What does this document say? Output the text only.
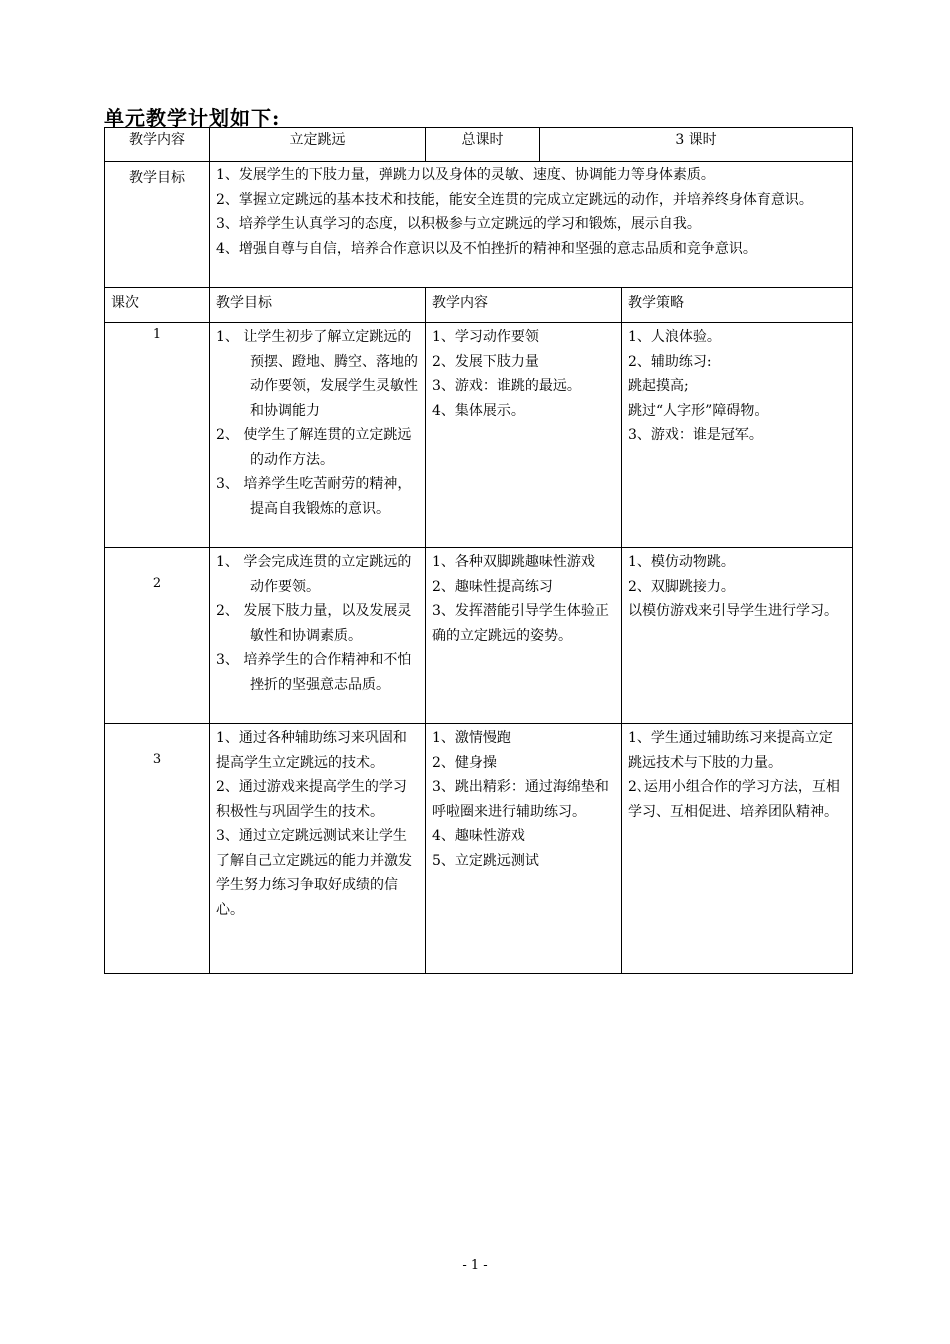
单元教学计划如下:
教学内容	立定跳远	总课时	3 课时	
教学目标	1、发展学生的下肢力量，弹跳力以及身体的灵敏、速度、协调能力等身体素质。
2、掌握立定跳远的基本技术和技能，能安全连贯的完成立定跳远的动作，并培养终身体育意识。
3、培养学生认真学习的态度，以积极参与立定跳远的学习和锻炼，展示自我。
4、增强自尊与自信，培养合作意识以及不怕挫折的精神和坚强的意志品质和竞争意识。			

课次	教学目标	教学内容		教学策略
1	1、 让学生初步了解立定跳远的预摆、蹬地、腾空、落地的动作要领，发展学生灵敏性和协调能力
2、 使学生了解连贯的立定跳远的动作方法。
3、 培养学生吃苦耐劳的精神，提高自我锻炼的意识。	1、学习动作要领
2、发展下肢力量
3、游戏：谁跳的最远。
4、集体展示。		1、人浪体验。
2、辅助练习:
跳起摸高;
跳过“人字形”障碍物。
3、游戏：谁是冠军。

2	1、 学会完成连贯的立定跳远的动作要领。
2、 发展下肢力量，以及发展灵敏性和协调素质。
3、 培养学生的合作精神和不怕挫折的坚强意志品质。	1、各种双脚跳趣味性游戏
2、趣味性提高练习
3、发挥潜能引导学生体验正确的立定跳远的姿势。		1、模仿动物跳。
2、双脚跳接力。
以模仿游戏来引导学生进行学习。

3	1、通过各种辅助练习来巩固和提高学生立定跳远的技术。
2、通过游戏来提高学生的学习积极性与巩固学生的技术。
3、通过立定跳远测试来让学生了解自己立定跳远的能力并激发学生努力练习争取好成绩的信心。	1、激情慢跑
2、健身操
3、跳出精彩：通过海绵垫和呼啦圈来进行辅助练习。
4、趣味性游戏
5、立定跳远测试		1、学生通过辅助练习来提高立定跳远技术与下肢的力量。
2､运用小组合作的学习方法，互相学习、互相促进、培养团队精神。
- 1 -
